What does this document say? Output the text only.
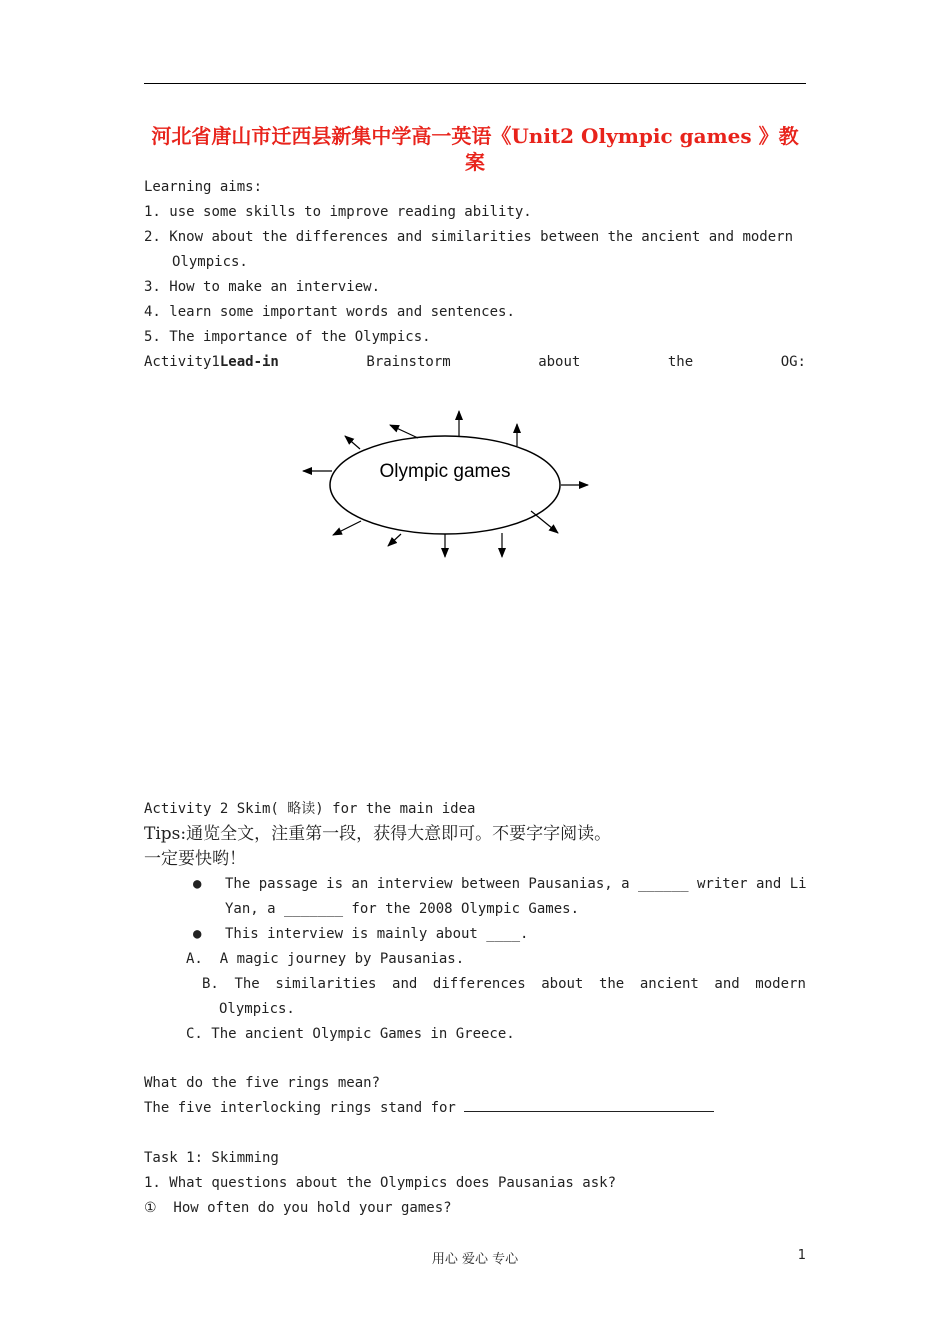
河北省唐山市迁西县新集中学高一英语《Unit2 Olympic games 》教案
Learning aims:
1. use some skills to improve reading ability.
2. Know about the differences and similarities between the ancient and modern
Olympics.
3. How to make an interview.
4. learn some important words and sentences.
5. The importance of the Olympics.
Activity1Lead-in	Brainstorm	about	the	OG:
Olympic games
Activity 2 Skim( 略读) for the main idea
Tips:通览全文，注重第一段，获得大意即可。不要字字阅读。
一定要快哟！
● The passage is an interview between Pausanias, a ______ writer and Li
Yan, a _______ for the 2008 Olympic Games.
● This interview is mainly about ____.
A.  A magic journey by Pausanias.
B. The similarities and differences about the ancient and modern
Olympics.
C. The ancient Olympic Games in Greece.
What do the five rings mean?
The five interlocking rings stand for
Task 1: Skimming
1. What questions about the Olympics does Pausanias ask?
①  How often do you hold your games?
用心 爱心 专心	1
